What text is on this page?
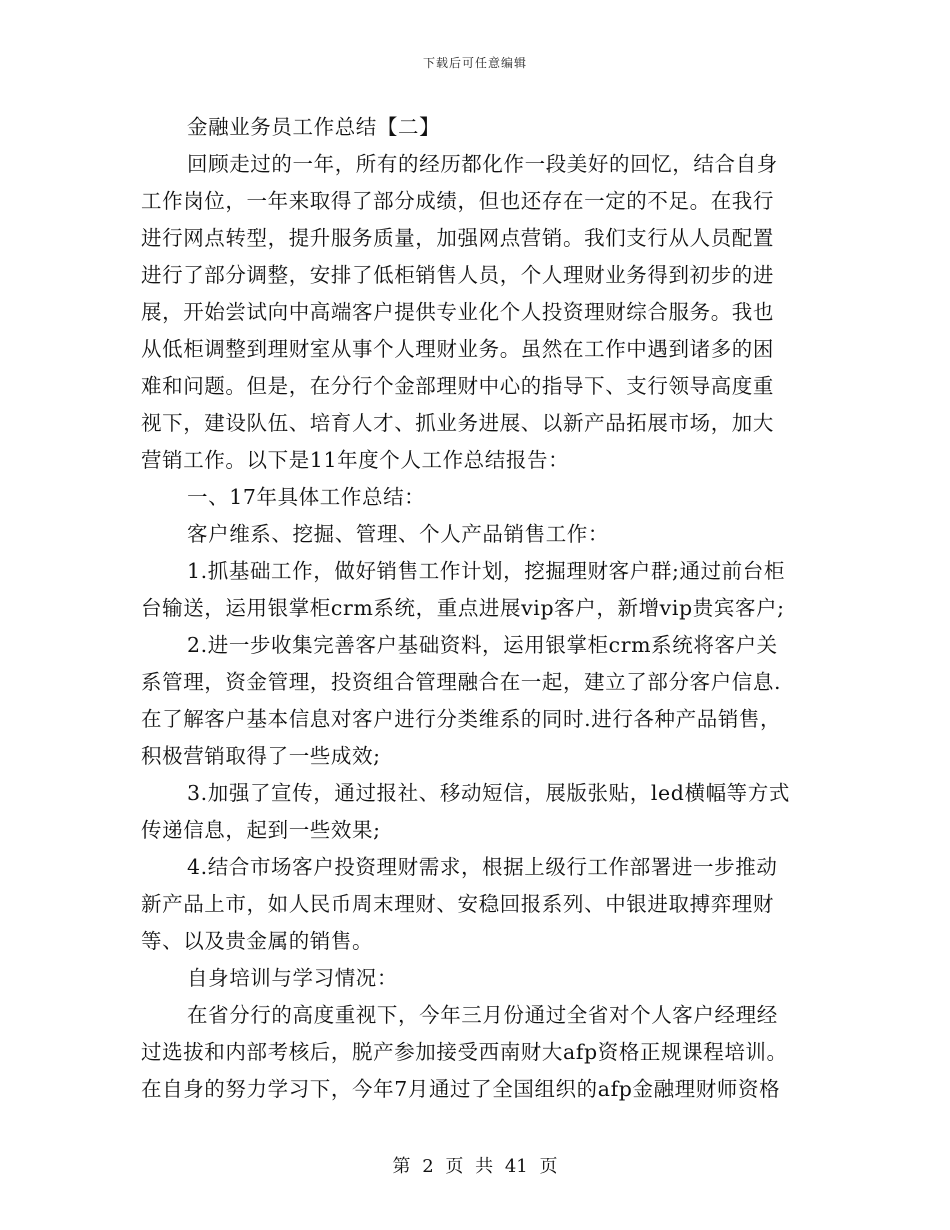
下载后可任意编辑
金融业务员工作总结【二】
回顾走过的一年，所有的经历都化作一段美好的回忆，结合自身
工作岗位，一年来取得了部分成绩，但也还存在一定的不足。在我行
进行网点转型，提升服务质量，加强网点营销。我们支行从人员配置
进行了部分调整，安排了低柜销售人员，个人理财业务得到初步的进
展，开始尝试向中高端客户提供专业化个人投资理财综合服务。我也
从低柜调整到理财室从事个人理财业务。虽然在工作中遇到诸多的困
难和问题。但是，在分行个金部理财中心的指导下、支行领导高度重
视下，建设队伍、培育人才、抓业务进展、以新产品拓展市场，加大
营销工作。以下是11年度个人工作总结报告：
一、17年具体工作总结：
客户维系、挖掘、管理、个人产品销售工作：
1.抓基础工作，做好销售工作计划，挖掘理财客户群;通过前台柜
台输送，运用银掌柜crm系统，重点进展vip客户，新增vip贵宾客户;
2.进一步收集完善客户基础资料，运用银掌柜crm系统将客户关
系管理，资金管理，投资组合管理融合在一起，建立了部分客户信息.
在了解客户基本信息对客户进行分类维系的同时.进行各种产品销售，
积极营销取得了一些成效;
3.加强了宣传，通过报社、移动短信，展版张贴，led横幅等方式
传递信息，起到一些效果;
4.结合市场客户投资理财需求，根据上级行工作部署进一步推动
新产品上市，如人民币周末理财、安稳回报系列、中银进取搏弈理财
等、以及贵金属的销售。
自身培训与学习情况：
在省分行的高度重视下，今年三月份通过全省对个人客户经理经
过选拔和内部考核后，脱产参加接受西南财大afp资格正规课程培训。
在自身的努力学习下，今年7月通过了全国组织的afp金融理财师资格
第 2 页 共 41 页
